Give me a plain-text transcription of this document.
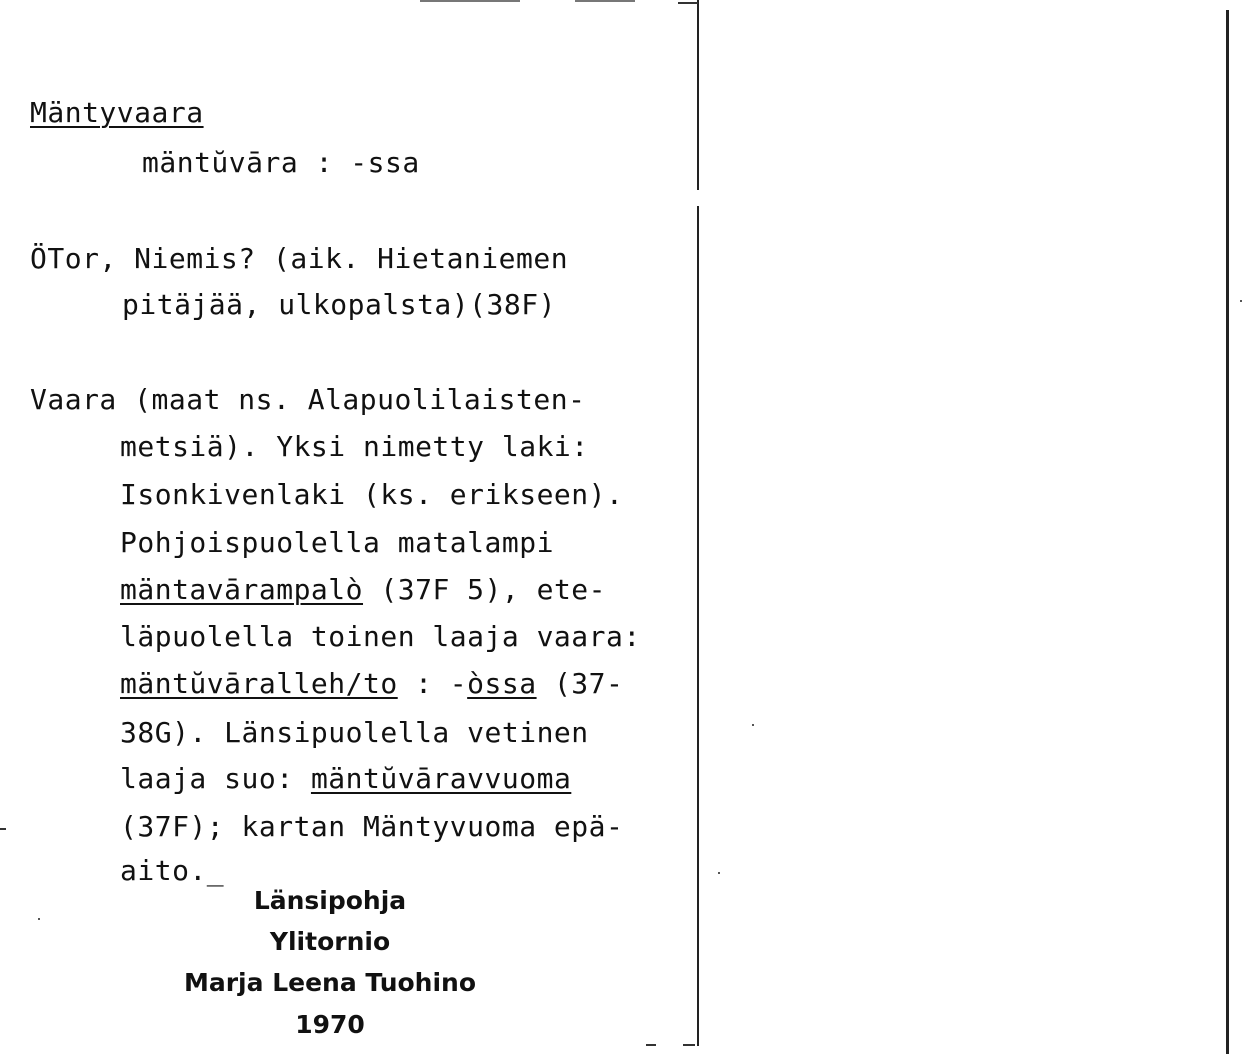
Mäntyvaara
mäntŭvāra : -ssa
ÖTor, Niemis? (aik. Hietaniemen
pitäjää, ulkopalsta)(38F)
Vaara (maat ns. Alapuolilaisten-
metsiä). Yksi nimetty laki:
Isonkivenlaki (ks. erikseen).
Pohjoispuolella matalampi
mäntavārampalò (37F 5), ete-
läpuolella toinen laaja vaara:
mäntŭvāralleh/to : -òssa (37-
38G). Länsipuolella vetinen
laaja suo: mäntŭvāravvuoma
(37F); kartan Mäntyvuoma epä-
aito._
Länsipohja
Ylitornio
Marja Leena Tuohino
1970
